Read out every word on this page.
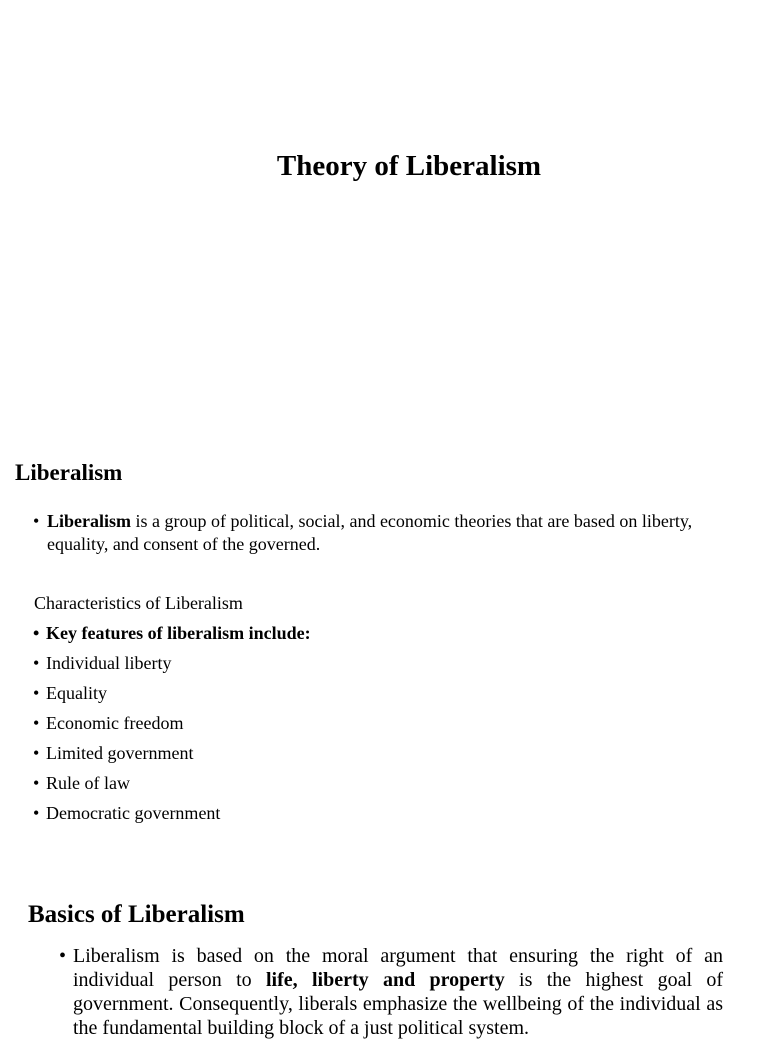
Theory of Liberalism
Liberalism

• Liberalism is a group of political, social, and economic theories that are based on liberty, equality, and consent of the governed.

Characteristics of Liberalism

• Key features of liberalism include:
• Individual liberty
• Equality
• Economic freedom
• Limited government
• Rule of law
• Democratic government
Basics of Liberalism

• Liberalism is based on the moral argument that ensuring the right of an individual person to life, liberty and property is the highest goal of government. Consequently, liberals emphasize the wellbeing of the individual as the fundamental building block of a just political system.
